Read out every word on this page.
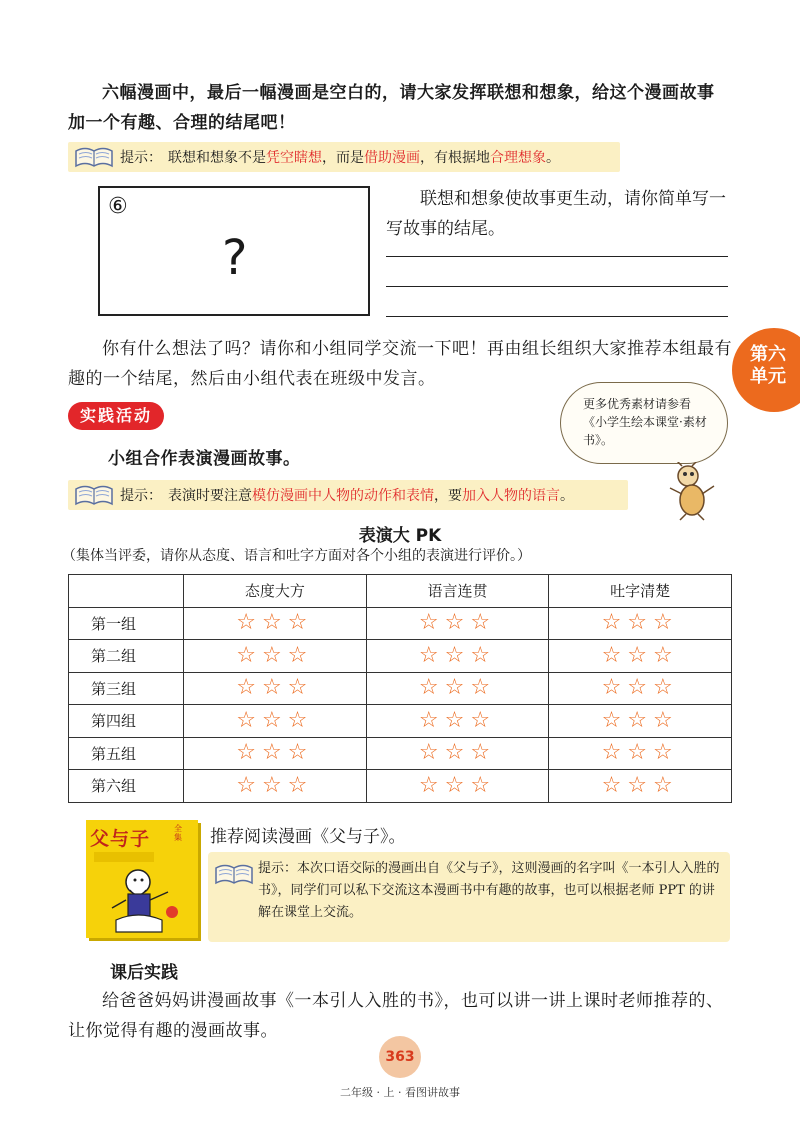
六幅漫画中，最后一幅漫画是空白的，请大家发挥联想和想象，给这个漫画故事加一个有趣、合理的结尾吧！

提示： 联想和想象不是 凭空瞎想 ，而是 借助漫画 ，有根据地 合理想象 。
⑥
?

联想和想象使故事更生动，请你简单写一写故事的结尾。

第六
单元

你有什么想法了吗？请你和小组同学交流一下吧！再由组长组织大家推荐本组最有趣的一个结尾，然后由小组代表在班级中发言。

实践活动

小组合作表演漫画故事。

更多优秀素材请参看《小学生绘本课堂·素材书》。
提示： 表演时要注意 模仿漫画中人物的动作和表情 ，要 加入人物的语言 。
表演大 PK
（集体当评委，请你从态度、语言和吐字方面对各个小组的表演进行评价。）
	态度大方	语言连贯	吐字清楚
第一组	☆☆☆	☆☆☆	☆☆☆
第二组	☆☆☆	☆☆☆	☆☆☆
第三组	☆☆☆	☆☆☆	☆☆☆
第四组	☆☆☆	☆☆☆	☆☆☆
第五组	☆☆☆	☆☆☆	☆☆☆
第六组	☆☆☆	☆☆☆	☆☆☆
父与子	全集	推荐阅读漫画《父与子》。

提示：本次口语交际的漫画出自《父与子》，这则漫画的名字叫《一本引人入胜的书》，同学们可以私下交流这本漫画书中有趣的故事，也可以根据老师 PPT 的讲解在课堂上交流。
课后实践

给爸爸妈妈讲漫画故事《一本引人入胜的书》，也可以讲一讲上课时老师推荐的、让你觉得有趣的漫画故事。

363
二年级 · 上 · 看图讲故事
